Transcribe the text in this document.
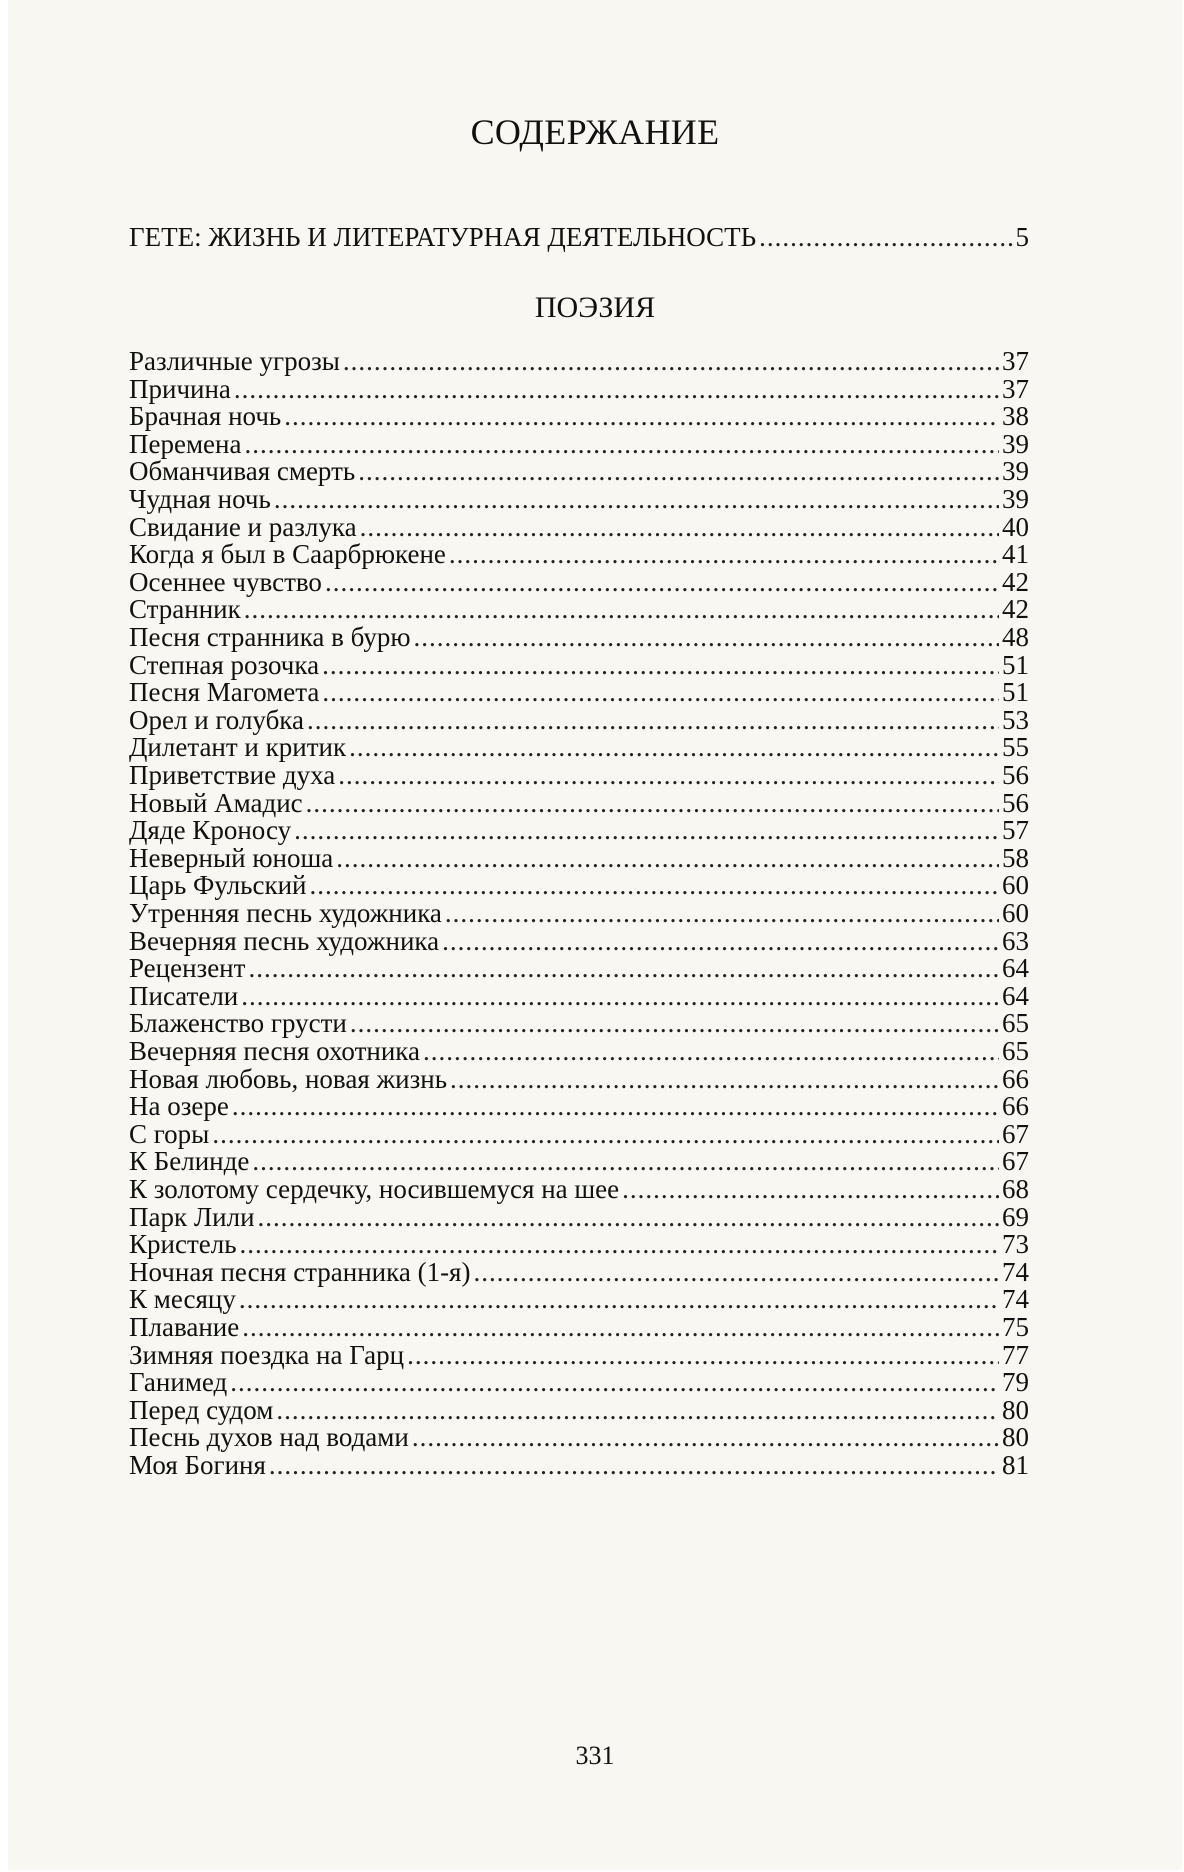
СОДЕРЖАНИЕ
ГЕТЕ: ЖИЗНЬ И ЛИТЕРАТУРНАЯ ДЕЯТЕЛЬНОСТЬ .....	5
ПОЭЗИЯ
Различные угрозы .....	37
Причина .....	37
Брачная ночь .....	38
Перемена .....	39
Обманчивая смерть .....	39
Чудная ночь .....	39
Свидание и разлука .....	40
Когда я был в Саарбрюкене .....	41
Осеннее чувство .....	42
Странник .....	42
Песня странника в бурю .....	48
Степная розочка .....	51
Песня Магомета .....	51
Орел и голубка .....	53
Дилетант и критик .....	55
Приветствие духа .....	56
Новый Амадис .....	56
Дяде Кроносу .....	57
Неверный юноша .....	58
Царь Фульский .....	60
Утренняя песнь художника .....	60
Вечерняя песнь художника .....	63
Рецензент .....	64
Писатели .....	64
Блаженство грусти .....	65
Вечерняя песня охотника .....	65
Новая любовь, новая жизнь .....	66
На озере .....	66
С горы .....	67
К Белинде .....	67
К золотому сердечку, носившемуся на шее .....	68
Парк Лили .....	69
Кристель .....	73
Ночная песня странника (1-я) .....	74
К месяцу .....	74
Плавание .....	75
Зимняя поездка на Гарц .....	77
Ганимед .....	79
Перед судом .....	80
Песнь духов над водами .....	80
Моя Богиня .....	81
331
